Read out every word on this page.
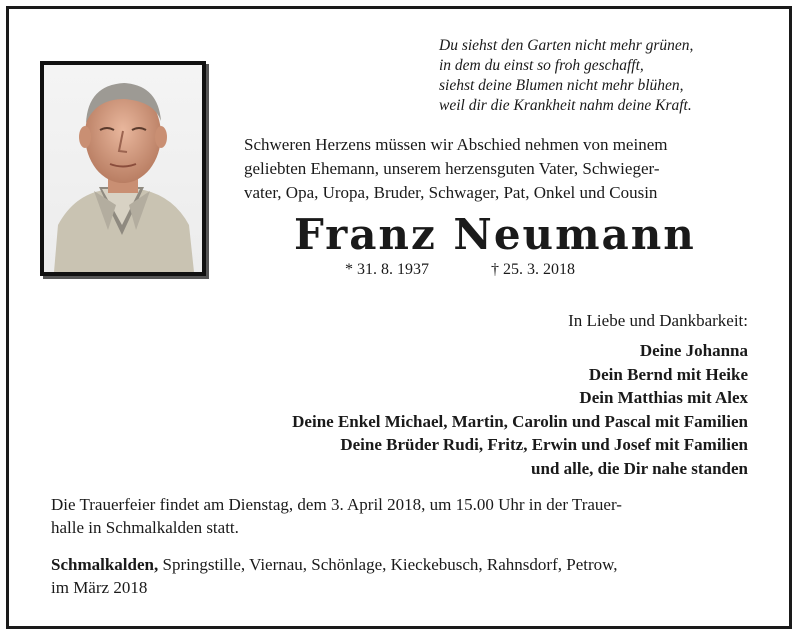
Du siehst den Garten nicht mehr grünen,
in dem du einst so froh geschafft,
siehst deine Blumen nicht mehr blühen,
weil dir die Krankheit nahm deine Kraft.
Schweren Herzens müssen wir Abschied nehmen von meinem
geliebten Ehemann, unserem herzensguten Vater, Schwieger-
vater, Opa, Uropa, Bruder, Schwager, Pat, Onkel und Cousin
Franz Neumann
* 31. 8. 1937	† 25. 3. 2018
In Liebe und Dankbarkeit:
Deine Johanna
Dein Bernd mit Heike
Dein Matthias mit Alex
Deine Enkel Michael, Martin, Carolin und Pascal mit Familien
Deine Brüder Rudi, Fritz, Erwin und Josef mit Familien
und alle, die Dir nahe standen
Die Trauerfeier findet am Dienstag, dem 3. April 2018, um 15.00 Uhr in der Trauer-
halle in Schmalkalden statt.
Schmalkalden, Springstille, Viernau, Schönlage, Kieckebusch, Rahnsdorf, Petrow,
im März 2018
